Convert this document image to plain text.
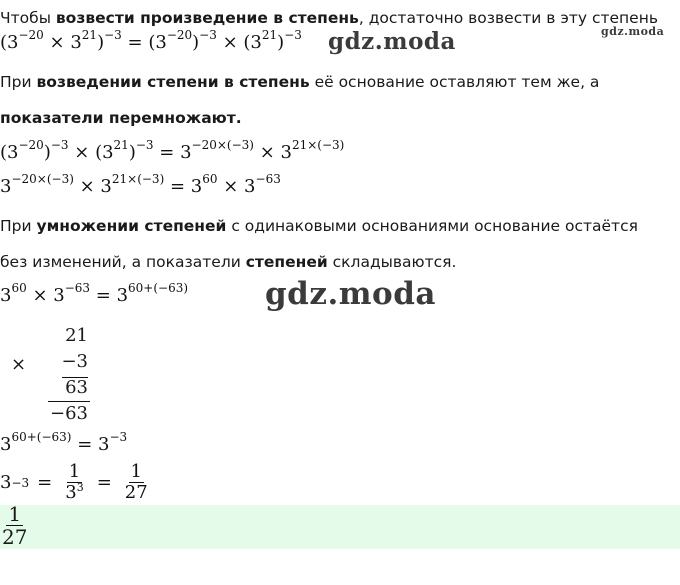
Чтобы возвести произведение в степень, достаточно возвести в эту степень
$(3^{-20} \times 3^{21})^{-3} = (3^{-20})^{-3} \times (3^{21})^{-3}$ gdz.moda	gdz.moda
При возведении степени в степень её основание оставляют тем же, а
показатели перемножают.
$(3^{-20})^{-3} \times (3^{21})^{-3} = 3^{-20\times(-3)} \times 3^{21\times(-3)}$
$3^{-20\times(-3)} \times 3^{21\times(-3)} = 3^{60} \times 3^{-63}$
При умножении степеней с одинаковыми основаниями основание остаётся
без изменений, а показатели степеней складываются.
$3^{60} \times 3^{-63} = 3^{60+(-63)}$ gdz.moda
×
21
−3
63
−63
$3^{60+(-63)} = 3^{-3}$
$3 -3 = \frac{1}{3^3} = \frac{1}{27}$
$\frac{1}{27}$
